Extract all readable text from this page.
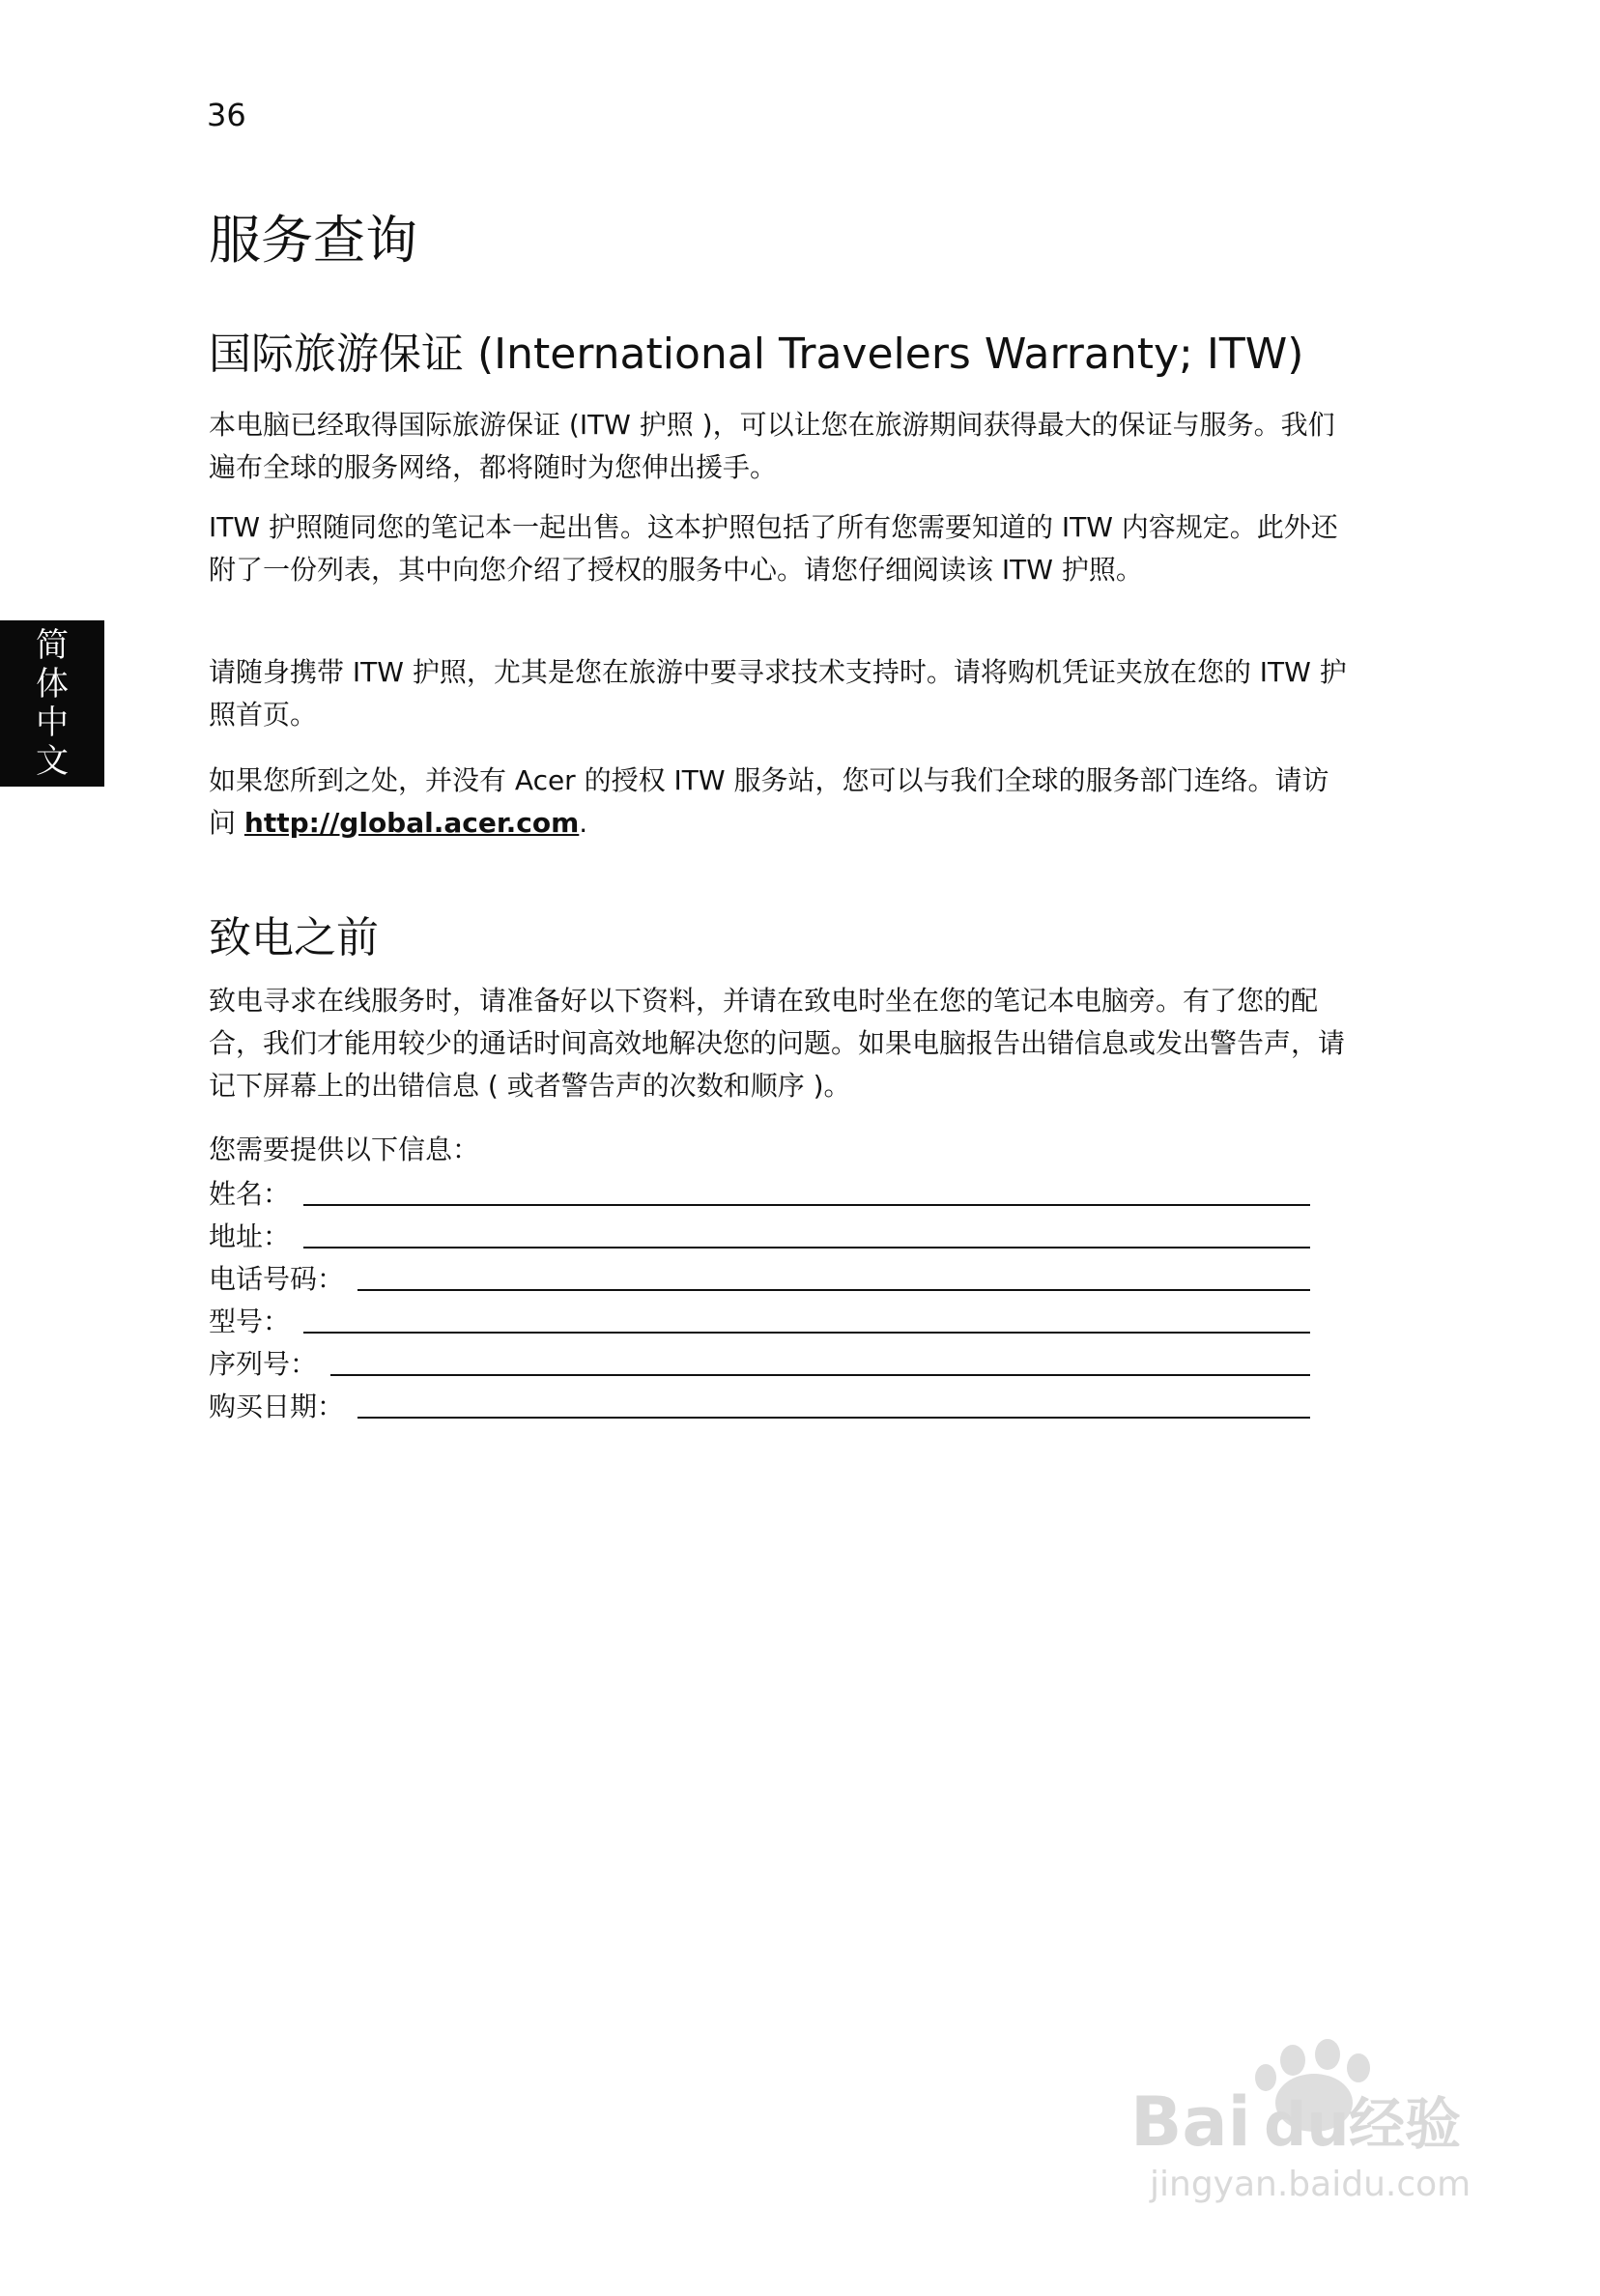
36
简
体
中
文
服务查询
国际旅游保证 (International Travelers Warranty; ITW)

本电脑已经取得国际旅游保证 (ITW 护照 )，可以让您在旅游期间获得最大的保证与服务。我们遍布全球的服务网络，都将随时为您伸出援手。

ITW 护照随同您的笔记本一起出售。这本护照包括了所有您需要知道的 ITW 内容规定。此外还附了一份列表，其中向您介绍了授权的服务中心。请您仔细阅读该 ITW 护照。

请随身携带 ITW 护照，尤其是您在旅游中要寻求技术支持时。请将购机凭证夹放在您的 ITW 护照首页。

如果您所到之处，并没有 Acer 的授权 ITW 服务站，您可以与我们全球的服务部门连络。请访问 http://global.acer.com.

致电之前

致电寻求在线服务时，请准备好以下资料，并请在致电时坐在您的笔记本电脑旁。有了您的配合，我们才能用较少的通话时间高效地解决您的问题。如果电脑报告出错信息或发出警告声，请记下屏幕上的出错信息 ( 或者警告声的次数和顺序 )。

您需要提供以下信息：
姓名：
地址：
电话号码：
型号：
序列号：
购买日期：
Bai du 经验
jingyan.baidu.com
